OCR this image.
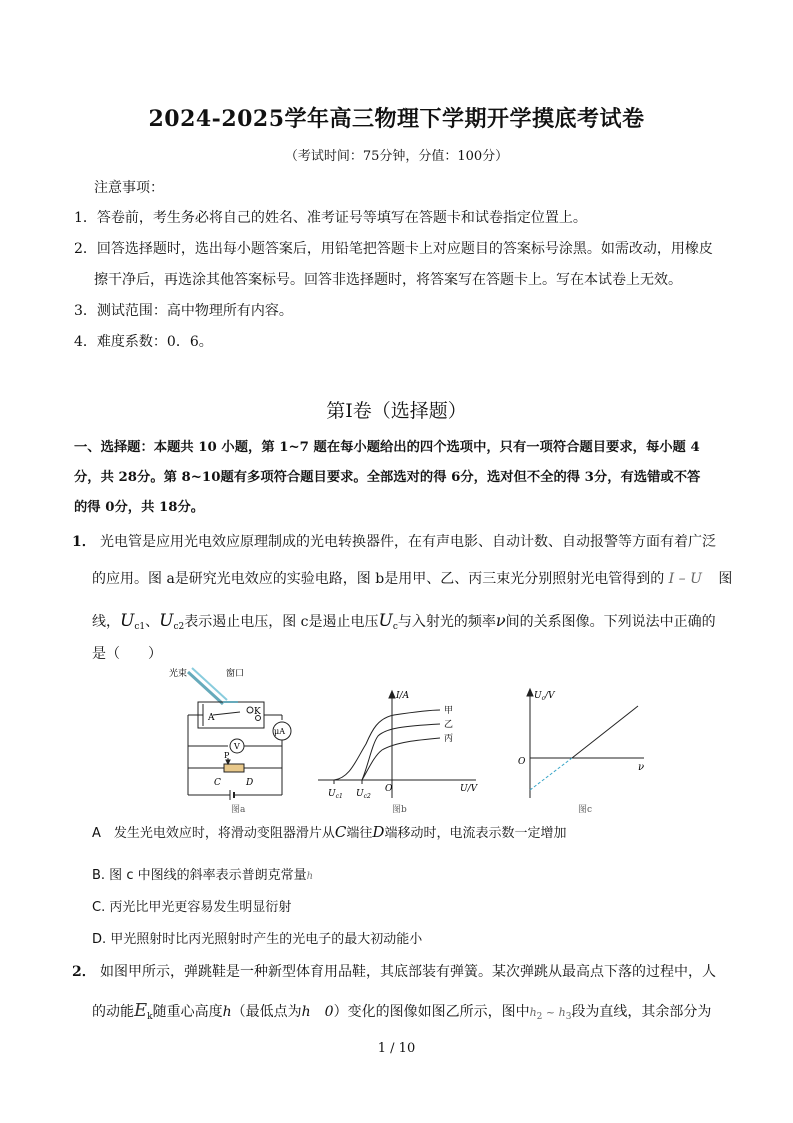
2024-2025学年高三物理下学期开学摸底考试卷
（考试时间：75分钟，分值：100分）
注意事项：
1．答卷前，考生务必将自己的姓名、准考证号等填写在答题卡和试卷指定位置上。
2．回答选择题时，选出每小题答案后，用铅笔把答题卡上对应题目的答案标号涂黑。如需改动，用橡皮
擦干净后，再选涂其他答案标号。回答非选择题时，将答案写在答题卡上。写在本试卷上无效。
3．测试范围：高中物理所有内容。
4．难度系数：0．6。
第Ⅰ卷（选择题）
一、选择题：本题共 10 小题，第 1~7 题在每小题给出的四个选项中，只有一项符合题目要求，每小题 4
分，共 28分。第 8~10题有多项符合题目要求。全部选对的得 6分，选对但不全的得 3分，有选错或不答
的得 0分，共 18分。
1． 光电管是应用光电效应原理制成的光电转换器件，在有声电影、自动计数、自动报警等方面有着广泛
的应用。图 a是研究光电效应的实验电路，图 b是用甲、乙、丙三束光分别照射光电管得到的 I – U 图
线，$U_{c1}$、$U_{c2}$表示遏止电压，图 c是遏止电压$U_c$与入射光的频率ν间的关系图像。下列说法中正确的
是（　　）
光束	窗口
A
K
μA
V
P
C	D
图a
I/A
U/V
O
甲
乙
丙
$U_{c1}$ $U_{c2}$
图b
$U_c/V$
ν
O
图c
A　发生光电效应时，将滑动变阻器滑片从C端往D端移动时，电流表示数一定增加
B. 图 c 中图线的斜率表示普朗克常量h
C. 丙光比甲光更容易发生明显衍射
D. 甲光照射时比丙光照射时产生的光电子的最大初动能小
2． 如图甲所示，弹跳鞋是一种新型体育用品鞋，其底部装有弹簧。某次弹跳从最高点下落的过程中，人
的动能$E_k$随重心高度h（最低点为h　0）变化的图像如图乙所示，图中$h_2$ ~ $h_3$段为直线，其余部分为
1 / 10
